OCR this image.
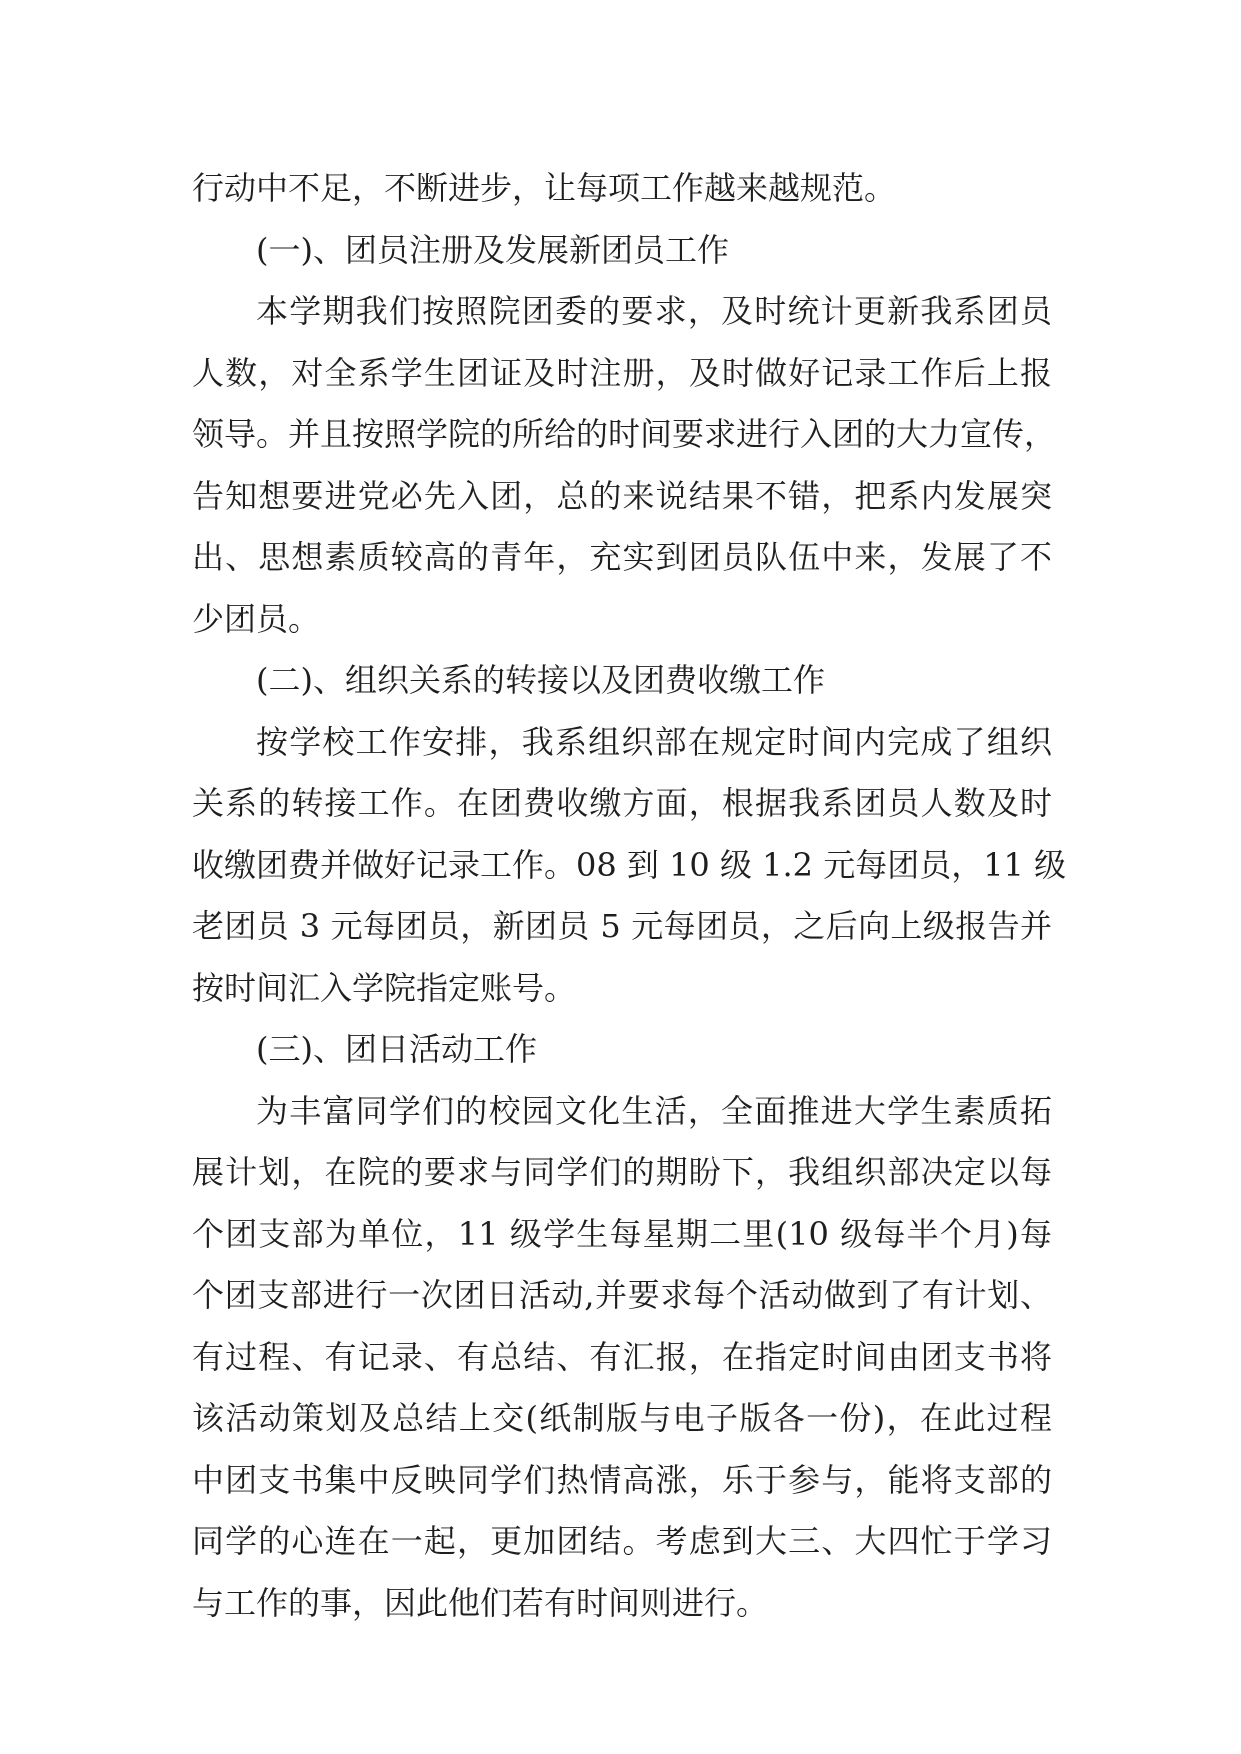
行动中不足，不断进步，让每项工作越来越规范。
(一)、团员注册及发展新团员工作
本学期我们按照院团委的要求，及时统计更新我系团员
人数，对全系学生团证及时注册，及时做好记录工作后上报
领导。并且按照学院的所给的时间要求进行入团的大力宣传，
告知想要进党必先入团，总的来说结果不错，把系内发展突
出、思想素质较高的青年，充实到团员队伍中来，发展了不
少团员。
(二)、组织关系的转接以及团费收缴工作
按学校工作安排，我系组织部在规定时间内完成了组织
关系的转接工作。在团费收缴方面，根据我系团员人数及时
收缴团费并做好记录工作。08 到 10 级 1.2 元每团员，11 级
老团员 3 元每团员，新团员 5 元每团员，之后向上级报告并
按时间汇入学院指定账号。
(三)、团日活动工作
为丰富同学们的校园文化生活，全面推进大学生素质拓
展计划，在院的要求与同学们的期盼下，我组织部决定以每
个团支部为单位，11 级学生每星期二里(10 级每半个月)每
个团支部进行一次团日活动,并要求每个活动做到了有计划、
有过程、有记录、有总结、有汇报，在指定时间由团支书将
该活动策划及总结上交(纸制版与电子版各一份)，在此过程
中团支书集中反映同学们热情高涨，乐于参与，能将支部的
同学的心连在一起，更加团结。考虑到大三、大四忙于学习
与工作的事，因此他们若有时间则进行。
